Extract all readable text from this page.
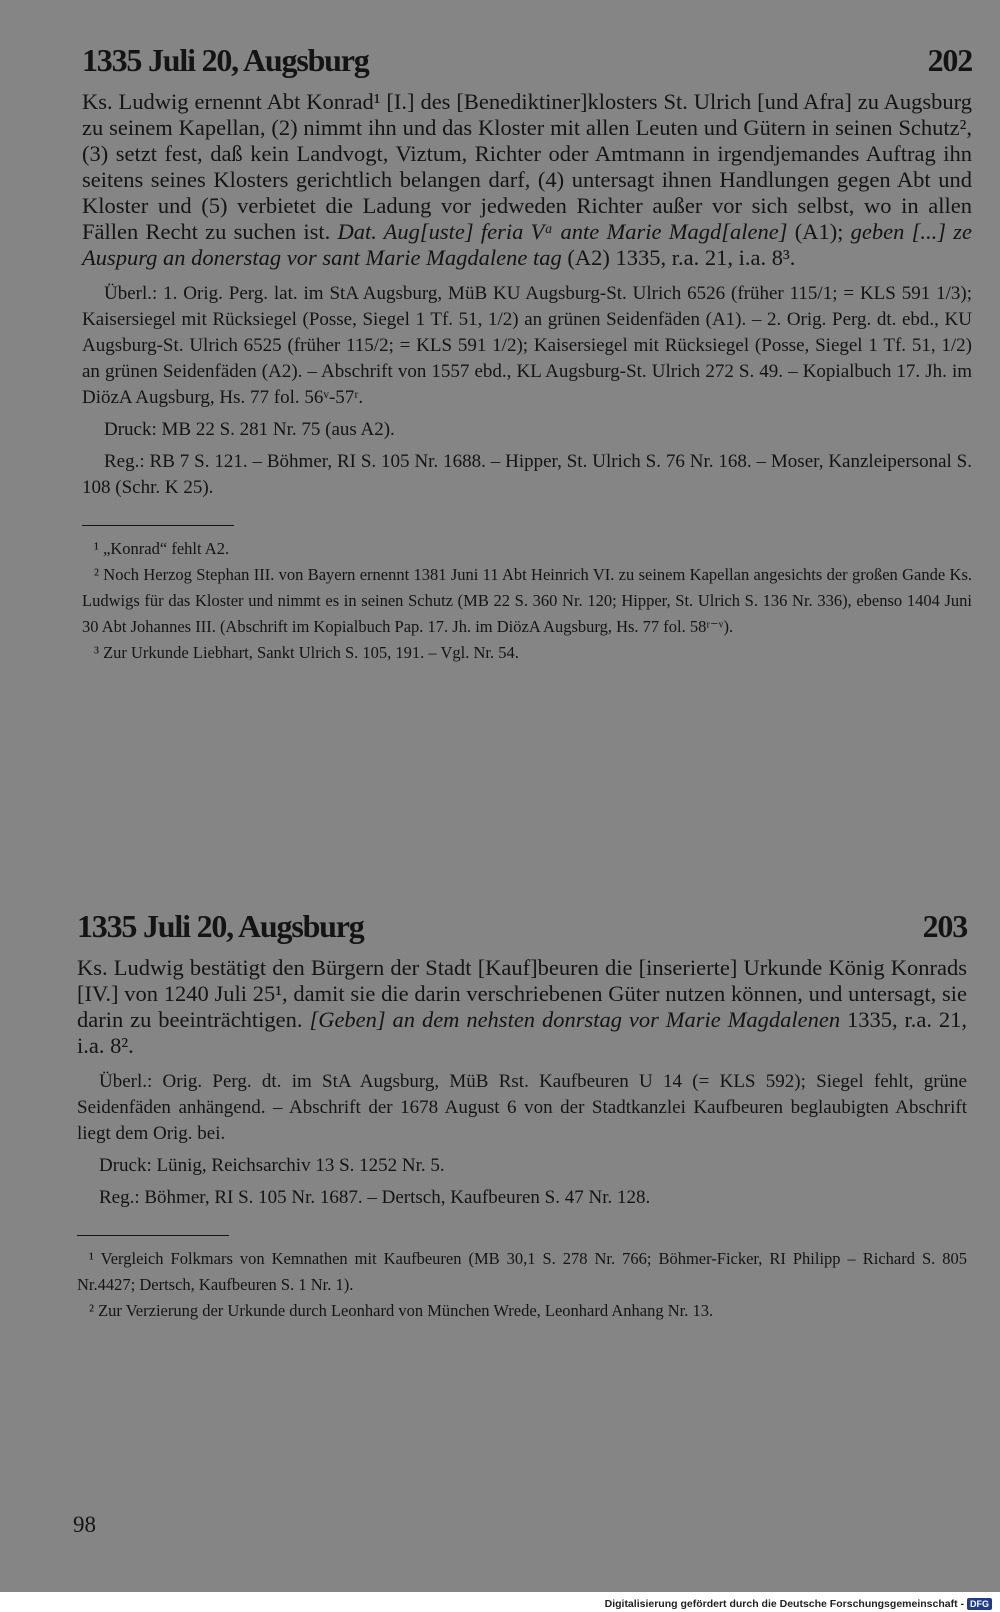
1335 Juli 20, Augsburg	202

Ks. Ludwig ernennt Abt Konrad¹ [I.] des [Benediktiner]klosters St. Ulrich [und Afra] zu Augsburg zu seinem Kapellan, (2) nimmt ihn und das Kloster mit allen Leuten und Gütern in seinen Schutz², (3) setzt fest, daß kein Landvogt, Viztum, Richter oder Amtmann in irgendjemandes Auftrag ihn seitens seines Klosters gerichtlich belangen darf, (4) untersagt ihnen Handlungen gegen Abt und Kloster und (5) verbietet die Ladung vor jedweden Richter außer vor sich selbst, wo in allen Fällen Recht zu suchen ist. Dat. Aug[uste] feria Vᵃ ante Marie Magd[alene] (A1); geben [...] ze Auspurg an donerstag vor sant Marie Magdalene tag (A2) 1335, r.a. 21, i.a. 8³.

Überl.: 1. Orig. Perg. lat. im StA Augsburg, MüB KU Augsburg-St. Ulrich 6526 (früher 115/1; = KLS 591 1/3); Kaisersiegel mit Rücksiegel (Posse, Siegel 1 Tf. 51, 1/2) an grünen Seidenfäden (A1). – 2. Orig. Perg. dt. ebd., KU Augsburg-St. Ulrich 6525 (früher 115/2; = KLS 591 1/2); Kaisersiegel mit Rücksiegel (Posse, Siegel 1 Tf. 51, 1/2) an grünen Seidenfäden (A2). – Abschrift von 1557 ebd., KL Augsburg-St. Ulrich 272 S. 49. – Kopialbuch 17. Jh. im DiözA Augsburg, Hs. 77 fol. 56ᵛ-57ʳ.

Druck: MB 22 S. 281 Nr. 75 (aus A2).

Reg.: RB 7 S. 121. – Böhmer, RI S. 105 Nr. 1688. – Hipper, St. Ulrich S. 76 Nr. 168. – Moser, Kanzleipersonal S. 108 (Schr. K 25).

¹ „Konrad“ fehlt A2.

² Noch Herzog Stephan III. von Bayern ernennt 1381 Juni 11 Abt Heinrich VI. zu seinem Kapellan angesichts der großen Gande Ks. Ludwigs für das Kloster und nimmt es in seinen Schutz (MB 22 S. 360 Nr. 120; Hipper, St. Ulrich S. 136 Nr. 336), ebenso 1404 Juni 30 Abt Johannes III. (Abschrift im Kopialbuch Pap. 17. Jh. im DiözA Augsburg, Hs. 77 fol. 58ʳ⁻ᵛ).

³ Zur Urkunde Liebhart, Sankt Ulrich S. 105, 191. – Vgl. Nr. 54.

1335 Juli 20, Augsburg	203

Ks. Ludwig bestätigt den Bürgern der Stadt [Kauf]beuren die [inserierte] Urkunde König Konrads [IV.] von 1240 Juli 25¹, damit sie die darin verschriebenen Güter nutzen können, und untersagt, sie darin zu beeinträchtigen. [Geben] an dem nehsten donrstag vor Marie Magdalenen 1335, r.a. 21, i.a. 8².

Überl.: Orig. Perg. dt. im StA Augsburg, MüB Rst. Kaufbeuren U 14 (= KLS 592); Siegel fehlt, grüne Seidenfäden anhängend. – Abschrift der 1678 August 6 von der Stadtkanzlei Kaufbeuren beglaubigten Abschrift liegt dem Orig. bei.

Druck: Lünig, Reichsarchiv 13 S. 1252 Nr. 5.

Reg.: Böhmer, RI S. 105 Nr. 1687. – Dertsch, Kaufbeuren S. 47 Nr. 128.

¹ Vergleich Folkmars von Kemnathen mit Kaufbeuren (MB 30,1 S. 278 Nr. 766; Böhmer-Ficker, RI Philipp – Richard S. 805 Nr.4427; Dertsch, Kaufbeuren S. 1 Nr. 1).

² Zur Verzierung der Urkunde durch Leonhard von München Wrede, Leonhard Anhang Nr. 13.

98
Digitalisierung gefördert durch die Deutsche Forschungsgemeinschaft - DFG
